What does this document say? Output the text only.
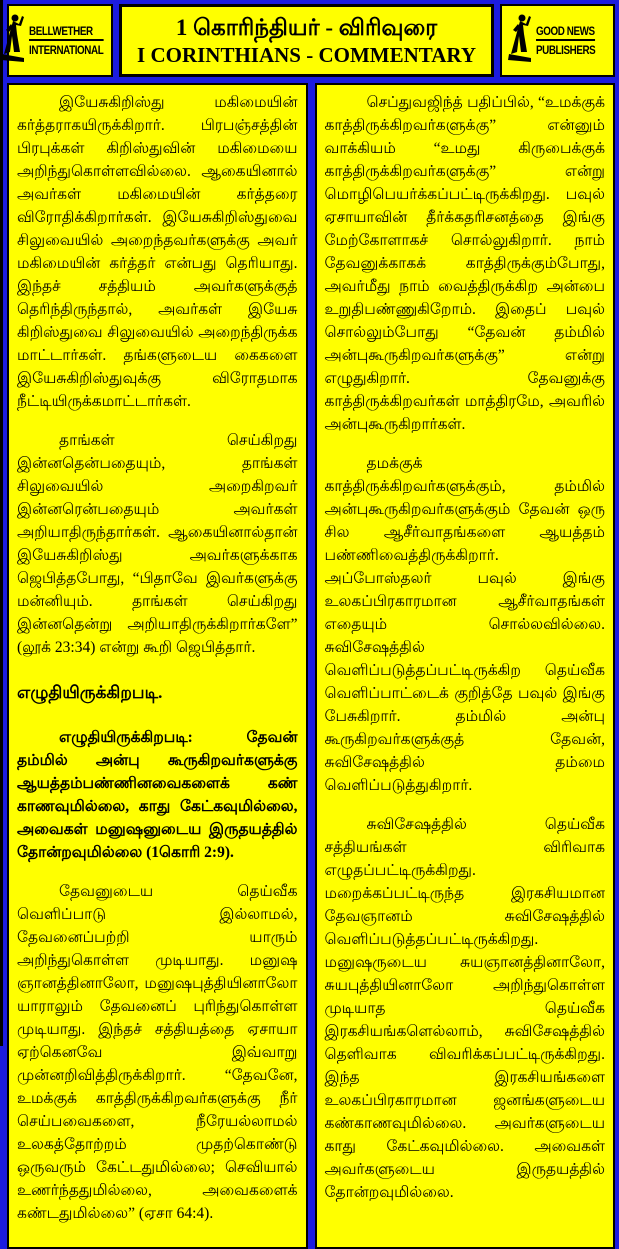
BELLWETHER
INTERNATIONAL
1 கொரிந்தியர் - விரிவுரை
I CORINTHIANS - COMMENTARY
GOOD NEWS
PUBLISHERS

இயேசுகிறிஸ்து மகிமையின் கர்த்தராகயிருக்கிறார். பிரபஞ்சத்தின் பிரபுக்கள் கிறிஸ்துவின் மகிமையை அறிந்துகொள்ளவில்லை. ஆகையினால் அவர்கள் மகிமையின் கர்த்தரை விரோதிக்கிறார்கள். இயேசுகிறிஸ்துவை சிலுவையில் அறைந்தவர்களுக்கு அவர் மகிமையின் கர்த்தர் என்பது தெரியாது. இந்தச் சத்தியம் அவர்களுக்குத் தெரிந்திருந்தால், அவர்கள் இயேசு கிறிஸ்துவை சிலுவையில் அறைந்திருக்க மாட்டார்கள். தங்களுடைய கைகளை இயேசுகிறிஸ்துவுக்கு விரோதமாக நீட்டியிருக்கமாட்டார்கள்.

தாங்கள் செய்கிறது இன்னதென்பதையும், தாங்கள் சிலுவையில் அறைகிறவர் இன்னரென்பதையும் அவர்கள் அறியாதிருந்தார்கள். ஆகையினால்தான் இயேசுகிறிஸ்து அவர்களுக்காக ஜெபித்தபோது, “பிதாவே இவர்களுக்கு மன்னியும். தாங்கள் செய்கிறது இன்னதென்று அறியாதிருக்கிறார்களே” (லூக் 23:34) என்று கூறி ஜெபித்தார்.

எழுதியிருக்கிறபடி.

எழுதியிருக்கிறபடி: தேவன் தம்மில் அன்பு கூருகிறவர்களுக்கு ஆயத்தம்பண்ணினவைகளைக் கண் காணவுமில்லை, காது கேட்கவுமில்லை, அவைகள் மனுஷனுடைய இருதயத்தில் தோன்றவுமில்லை (1கொரி 2:9).

தேவனுடைய தெய்வீக வெளிப்பாடு இல்லாமல், தேவனைப்பற்றி யாரும் அறிந்துகொள்ள முடியாது. மனுஷ ஞானத்தினாலோ, மனுஷபுத்தியினாலோ யாராலும் தேவனைப் புரிந்துகொள்ள முடியாது. இந்தச் சத்தியத்தை ஏசாயா ஏற்கெனவே இவ்வாறு முன்னறிவித்திருக்கிறார். “தேவனே, உமக்குக் காத்திருக்கிறவர்களுக்கு நீர் செய்பவைகளை, நீரேயல்லாமல் உலகத்தோற்றம் முதற்கொண்டு ஒருவரும் கேட்டதுமில்லை; செவியால் உணர்ந்ததுமில்லை, அவைகளைக் கண்டதுமில்லை” (ஏசா 64:4).

செப்துவஜிந்த் பதிப்பில், “உமக்குக் காத்திருக்கிறவர்களுக்கு” என்னும் வாக்கியம் “உமது கிருபைக்குக் காத்திருக்கிறவர்களுக்கு” என்று மொழிபெயர்க்கப்பட்டிருக்கிறது. பவுல் ஏசாயாவின் தீர்க்கதரிசனத்தை இங்கு மேற்கோளாகச் சொல்லுகிறார். நாம் தேவனுக்காகக் காத்திருக்கும்போது, அவர்மீது நாம் வைத்திருக்கிற அன்பை உறுதிபண்ணுகிறோம். இதைப் பவுல் சொல்லும்போது “தேவன் தம்மில் அன்புகூருகிறவர்களுக்கு” என்று எழுதுகிறார். தேவனுக்கு காத்திருக்கிறவர்கள் மாத்திரமே, அவரில் அன்புகூருகிறார்கள்.

தமக்குக் காத்திருக்கிறவர்களுக்கும், தம்மில் அன்புகூருகிறவர்களுக்கும் தேவன் ஒரு சில ஆசீர்வாதங்களை ஆயத்தம் பண்ணிவைத்திருக்கிறார். அப்போஸ்தலர் பவுல் இங்கு உலகப்பிரகாரமான ஆசீர்வாதங்கள் எதையும் சொல்லவில்லை. சுவிசேஷத்தில் வெளிப்படுத்தப்பட்டிருக்கிற தெய்வீக வெளிப்பாட்டைக் குறித்தே பவுல் இங்கு பேசுகிறார். தம்மில் அன்பு கூருகிறவர்களுக்குத் தேவன், சுவிசேஷத்தில் தம்மை வெளிப்படுத்துகிறார்.

சுவிசேஷத்தில் தெய்வீக சத்தியங்கள் விரிவாக எழுதப்பட்டிருக்கிறது. மறைக்கப்பட்டிருந்த இரகசியமான தேவஞானம் சுவிசேஷத்தில் வெளிப்படுத்தப்பட்டிருக்கிறது. மனுஷருடைய சுயஞானத்தினாலோ, சுயபுத்தியினாலோ அறிந்துகொள்ள முடியாத தெய்வீக இரகசியங்களெல்லாம், சுவிசேஷத்தில் தெளிவாக விவரிக்கப்பட்டிருக்கிறது. இந்த இரகசியங்களை உலகப்பிரகாரமான ஜனங்களுடைய கண்காணவுமில்லை. அவர்களுடைய காது கேட்கவுமில்லை. அவைகள் அவர்களுடைய இருதயத்தில் தோன்றவுமில்லை.
